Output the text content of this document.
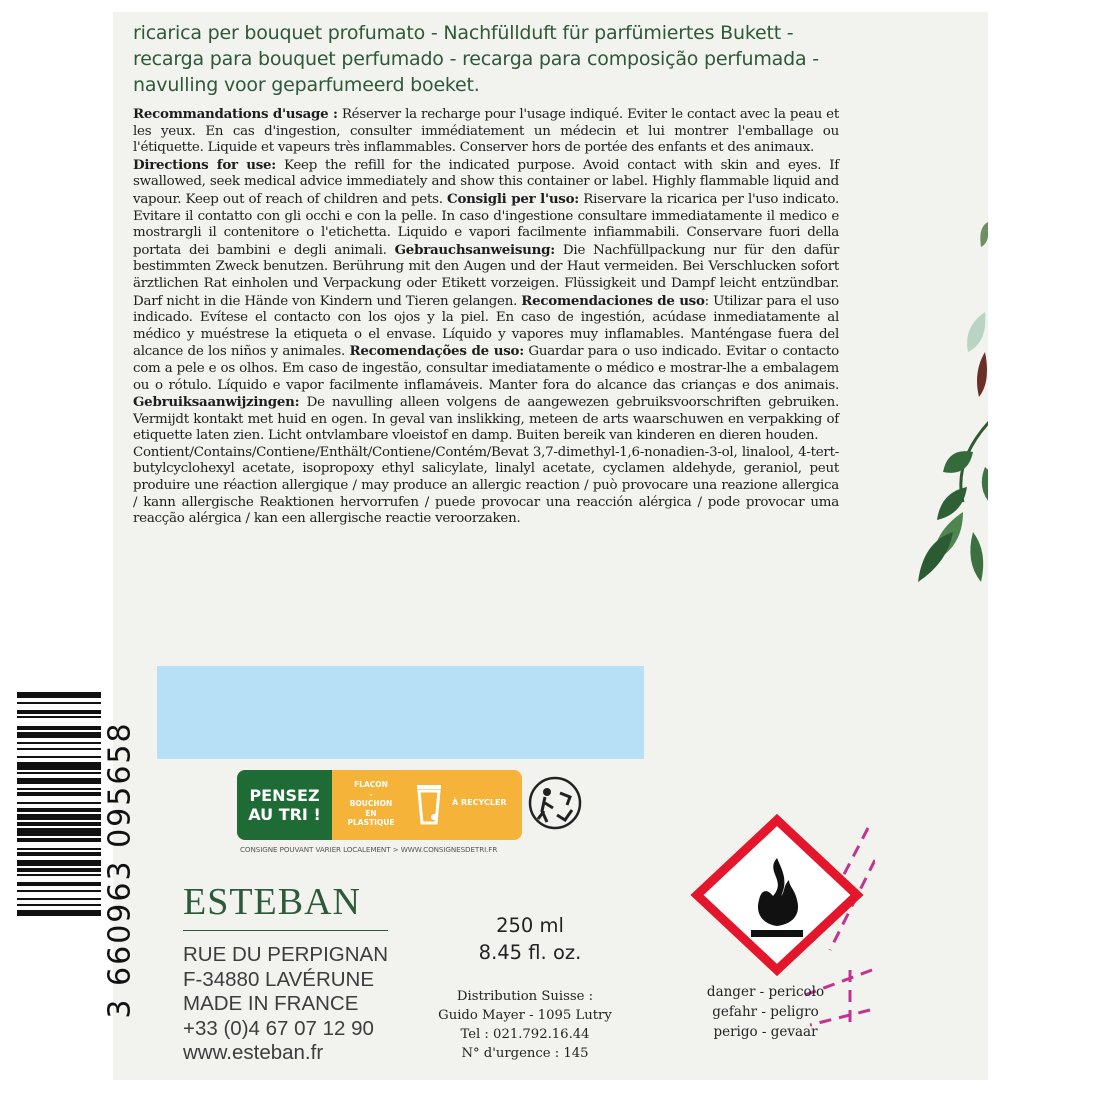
ricarica per bouquet profumato - Nachfüllduft für parfümiertes Bukett -
recarga para bouquet perfumado - recarga para composição perfumada -
navulling voor geparfumeerd boeket.

Recommandations d'usage : Réserver la recharge pour l'usage indiqué. Eviter le contact avec la peau et les yeux. En cas d'ingestion, consulter immédiatement un médecin et lui montrer l'emballage ou l'étiquette. Liquide et vapeurs très inflammables. Conserver hors de portée des enfants et des animaux.
Directions for use: Keep the refill for the indicated purpose. Avoid contact with skin and eyes. If swallowed, seek medical advice immediately and show this container or label. Highly flammable liquid and vapour. Keep out of reach of children and pets. Consigli per l'uso: Riservare la ricarica per l'uso indicato. Evitare il contatto con gli occhi e con la pelle. In caso d'ingestione consultare immediatamente il medico e mostrargli il contenitore o l'etichetta. Liquido e vapori facilmente infiammabili. Conservare fuori della portata dei bambini e degli animali. Gebrauchsanweisung: Die Nachfüllpackung nur für den dafür bestimmten Zweck benutzen. Berührung mit den Augen und der Haut vermeiden. Bei Verschlucken sofort ärztlichen Rat einholen und Verpackung oder Etikett vorzeigen. Flüssigkeit und Dampf leicht entzündbar. Darf nicht in die Hände von Kindern und Tieren gelangen. Recomendaciones de uso: Utilizar para el uso indicado. Evítese el contacto con los ojos y la piel. En caso de ingestión, acúdase inmediatamente al médico y muéstrese la etiqueta o el envase. Líquido y vapores muy inflamables. Manténgase fuera del alcance de los niños y animales. Recomendações de uso: Guardar para o uso indicado. Evitar o contacto com a pele e os olhos. Em caso de ingestão, consultar imediatamente o médico e mostrar-lhe a embalagem ou o rótulo. Líquido e vapor facilmente inflamáveis. Manter fora do alcance das crianças e dos animais. Gebruiksaanwijzingen: De navulling alleen volgens de aangewezen gebruiksvoorschriften gebruiken. Vermijdt kontakt met huid en ogen. In geval van inslikking, meteen de arts waarschuwen en verpakking of etiquette laten zien. Licht ontvlambare vloeistof en damp. Buiten bereik van kinderen en dieren houden.
Contient/Contains/Contiene/Enthält/Contiene/Contém/Bevat 3,7-dimethyl-1,6-nonadien-3-ol, linalool, 4-tert-butylcyclohexyl acetate, isopropoxy ethyl salicylate, linalyl acetate, cyclamen aldehyde, geraniol, peut produire une réaction allergique / may produce an allergic reaction / può provocare una reazione allergica / kann allergische Reaktionen hervorrufen / puede provocar una reacción alérgica / pode provocar uma reacção alérgica / kan een allergische reactie veroorzaken.

3 660963 095658	PENSEZ
AU TRI !
FLACON
-
BOUCHON
EN
PLASTIQUE
À RECYCLER
CONSIGNE POUVANT VARIER LOCALEMENT > WWW.CONSIGNESDETRI.FR
ESTEBAN
RUE DU PERPIGNAN
F-34880 LAVÉRUNE
MADE IN FRANCE
+33 (0)4 67 07 12 90
www.esteban.fr
250 ml
8.45 fl. oz.
Distribution Suisse :
Guido Mayer - 1095 Lutry
Tel : 021.792.16.44
N° d'urgence : 145
danger - pericolo
gefahr - peligro
perigo - gevaar
